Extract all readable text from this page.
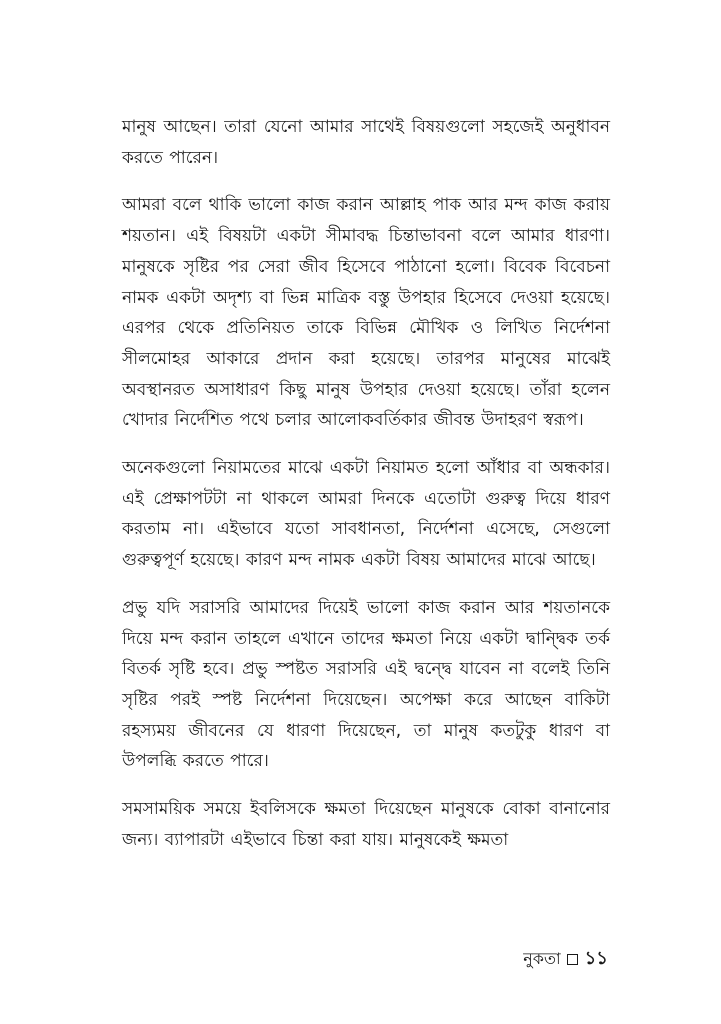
মানুষ আছেন। তারা যেনো আমার সাথেই বিষয়গুলো সহজেই অনুধাবন করতে পারেন।

আমরা বলে থাকি ভালো কাজ করান আল্লাহ পাক আর মন্দ কাজ করায় শয়তান। এই বিষয়টা একটা সীমাবদ্ধ চিন্তাভাবনা বলে আমার ধারণা। মানুষকে সৃষ্টির পর সেরা জীব হিসেবে পাঠানো হলো। বিবেক বিবেচনা নামক একটা অদৃশ্য বা ভিন্ন মাত্রিক বস্তু উপহার হিসেবে দেওয়া হয়েছে। এরপর থেকে প্রতিনিয়ত তাকে বিভিন্ন মৌখিক ও লিখিত নির্দেশনা সীলমোহর আকারে প্রদান করা হয়েছে। তারপর মানুষের মাঝেই অবস্থানরত অসাধারণ কিছু মানুষ উপহার দেওয়া হয়েছে। তাঁরা হলেন খোদার নির্দেশিত পথে চলার আলোকবর্তিকার জীবন্ত উদাহরণ স্বরূপ।

অনেকগুলো নিয়ামতের মাঝে একটা নিয়ামত হলো আঁধার বা অন্ধকার। এই প্রেক্ষাপটটা না থাকলে আমরা দিনকে এতোটা গুরুত্ব দিয়ে ধারণ করতাম না। এইভাবে যতো সাবধানতা, নির্দেশনা এসেছে, সেগুলো গুরুত্বপূর্ণ হয়েছে। কারণ মন্দ নামক একটা বিষয় আমাদের মাঝে আছে।

প্রভু যদি সরাসরি আমাদের দিয়েই ভালো কাজ করান আর শয়তানকে দিয়ে মন্দ করান তাহলে এখানে তাদের ক্ষমতা নিয়ে একটা দ্বান্দ্বিক তর্ক বিতর্ক সৃষ্টি হবে। প্রভু স্পষ্টত সরাসরি এই দ্বন্দ্বে যাবেন না বলেই তিনি সৃষ্টির পরই স্পষ্ট নির্দেশনা দিয়েছেন। অপেক্ষা করে আছেন বাকিটা রহস্যময় জীবনের যে ধারণা দিয়েছেন, তা মানুষ কতটুকু ধারণ বা উপলব্ধি করতে পারে।

সমসাময়িক সময়ে ইবলিসকে ক্ষমতা দিয়েছেন মানুষকে বোকা বানানোর জন্য। ব্যাপারটা এইভাবে চিন্তা করা যায়। মানুষকেই ক্ষমতা

নুকতা ১১
